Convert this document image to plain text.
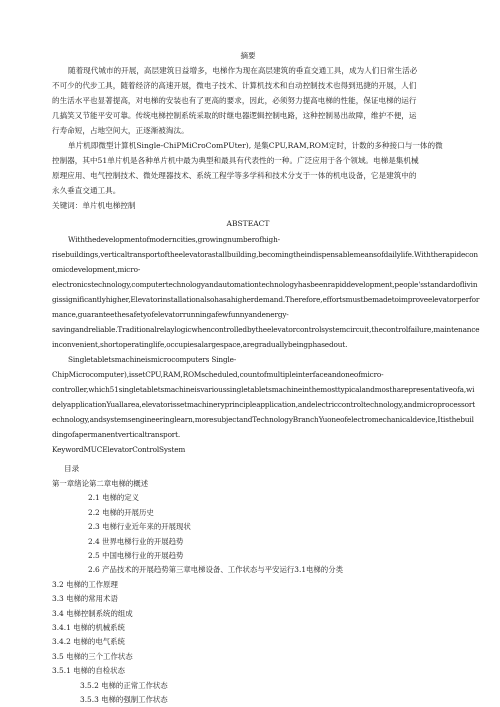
摘要
随着现代城市的开展，高层建筑日益增多，电梯作为现在高层建筑的垂直交通工具，成为人们日常生活必
不可少的代步工具，随着经济的高速开展，微电子技术、计算机技术和自动控制技术也得到迅捷的开展，人们
的生活水平也显著提高，对电梯的安装也有了更高的要求，因此，必须努力提高电梯的性能，保证电梯的运行
几搞笑又节能平安可靠。传统电梯控制系统采取的时继电器逻辑控制电路，这种控制易出故障，维护不便，运
行寿命短，占地空间大，正逐渐被淘汰。
单片机即微型计算机Single-ChiPMiCroComPUter), 是集CPU,RAM,ROM定时，计数的多种接口与一体的微
控制器，其中51单片机是各种单片机中最为典型和最具有代表性的一种。广泛应用于各个领域。电梯是集机械
原理应用、电气控制技术、微处理器技术、系统工程学等多学科和技术分支于一体的机电设备，它是建筑中的
永久垂直交通工具。
关键词：单片机电梯控制
ABSTEACT
Withthedevelopmentofmoderncities,growingnumberofhigh-
risebuildings,verticaltransportoftheelevatorastallbuilding,becomingtheindispensablemeansofdailylife.Withtherapidecon
omicdevelopment,micro-
electronicstechnology,computertechnologyandautomationtechnologyhasbeenrapiddevelopment,people'sstandardoflivin
gissignificantlyhigher,Elevatorinstallationalsohasahigherdemand.Therefore,effortsmustbemadetoimproveelevatorperfor
mance,guaranteethesafetyofelevatorrunningafewfunnyandenergy-
savingandreliable.Traditionalrelaylogicwhencontrolledbytheelevatorcontrolsystemcircuit,thecontrolfailure,maintenance
inconvenient,shortoperatinglife,occupiesalargespace,aregraduallybeingphasedout.
Singletabletsmachineismicrocomputers Single-
ChipMicrocomputer),issetCPU,RAM,ROMscheduled,countofmultipleinterfaceandoneofmicro-
controller,which51singletabletsmachineisvarioussingletabletsmachineinthemosttypicalandmostharepresentativeofa,wi
delyapplicationYuallarea,elevatorissetmachineryprincipleapplication,andelectriccontroltechnology,andmicroprocessort
echnology,andsystemsengineeringlearn,moresubjectandTechnologyBranchYuoneofelectromechanicaldevice,Itisthebuil
dingofapermanentverticaltransport.
KeywordMUCElevatorControlSystem
目录
第一章绪论第二章电梯的概述
2.1 电梯的定义
2.2 电梯的开展历史
2.3 电梯行业近年来的开展现状
2.4 世界电梯行业的开展趋势
2.5 中国电梯行业的开展趋势
2.6 产品技术的开展趋势第三章电梯设备、工作状态与平安运行3.1电梯的分类
3.2 电梯的工作原理
3.3 电梯的常用术语
3.4 电梯控制系统的组成
3.4.1 电梯的机械系统
3.4.2 电梯的电气系统
3.5 电梯的三个工作状态
3.5.1 电梯的自检状态
3.5.2 电梯的正常工作状态
3.5.3 电梯的强制工作状态
